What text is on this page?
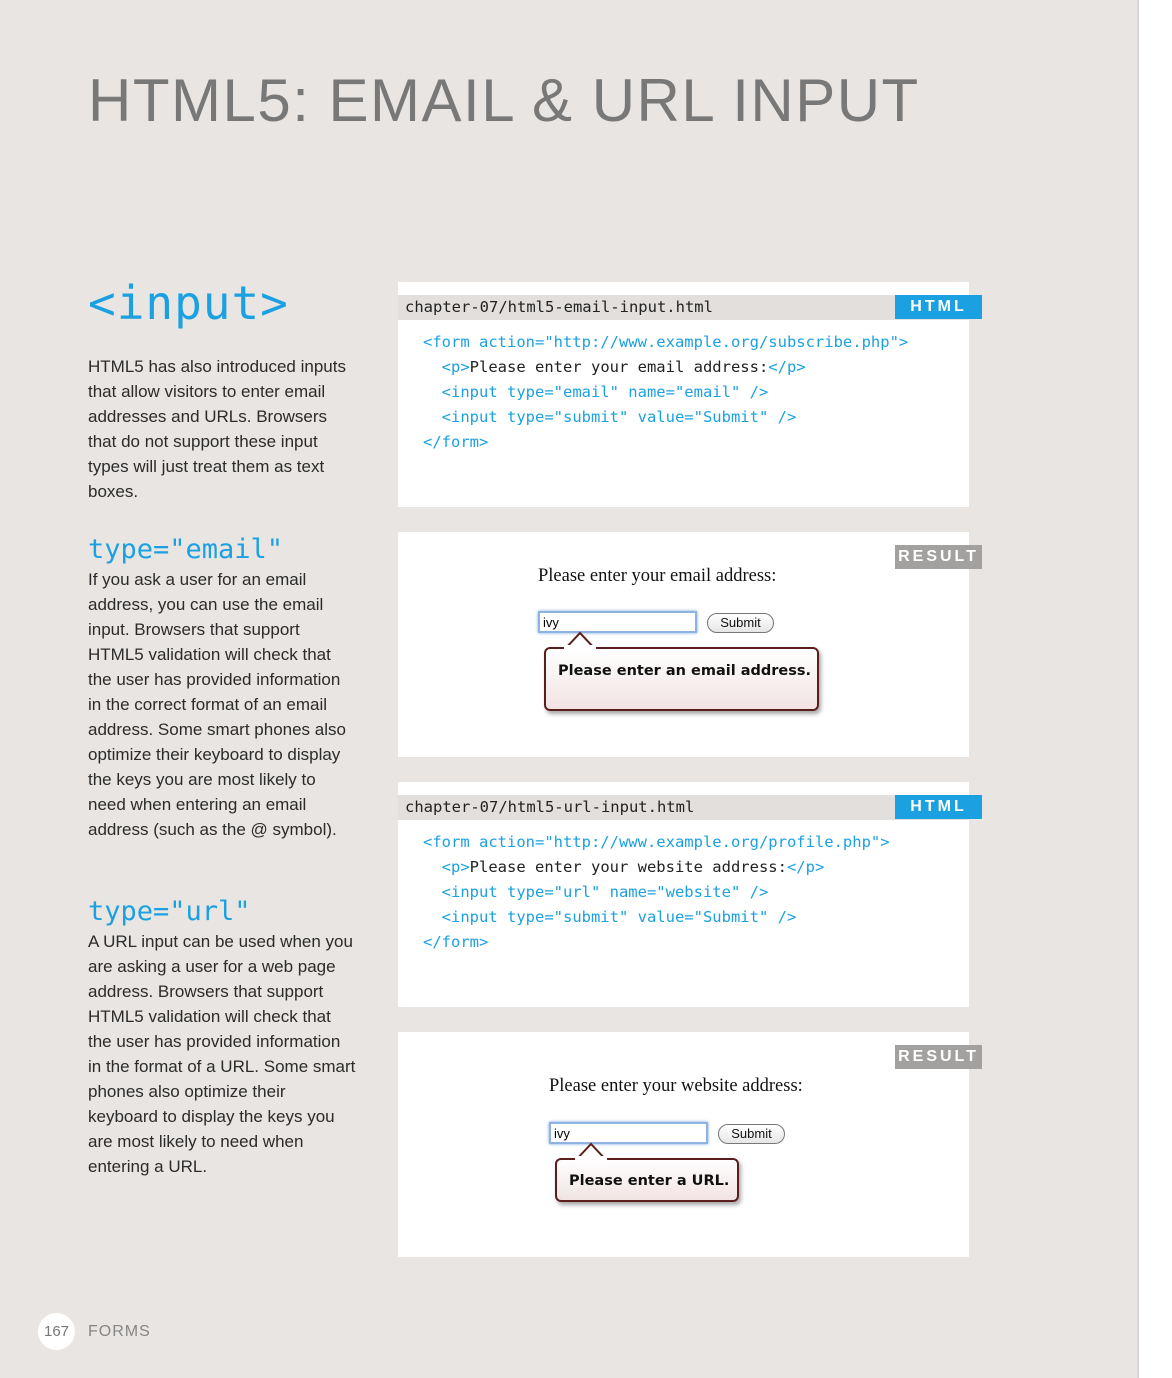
HTML5: EMAIL & URL INPUT
<input>

HTML5 has also introduced inputs that allow visitors to enter email addresses and URLs. Browsers that do not support these input types will just treat them as text boxes.

type="email"

If you ask a user for an email address, you can use the email input. Browsers that support HTML5 validation will check that the user has provided information in the correct format of an email address. Some smart phones also optimize their keyboard to display the keys you are most likely to need when entering an email address (such as the @ symbol).

type="url"

A URL input can be used when you are asking a user for a web page address. Browsers that support HTML5 validation will check that the user has provided information in the format of a URL. Some smart phones also optimize their keyboard to display the keys you are most likely to need when entering a URL.

chapter-07/html5-email-input.html	HTML
<form action="http://www.example.org/subscribe.php">
<p>Please enter your email address:</p>
<input type="email" name="email" />
<input type="submit" value="Submit" />
</form>
RESULT
Please enter your email address:
ivy	Submit
Please enter an email address.
chapter-07/html5-url-input.html	HTML
<form action="http://www.example.org/profile.php">
<p>Please enter your website address:</p>
<input type="url" name="website" />
<input type="submit" value="Submit" />
</form>
RESULT
Please enter your website address:
ivy	Submit
Please enter a URL.
167	FORMS
